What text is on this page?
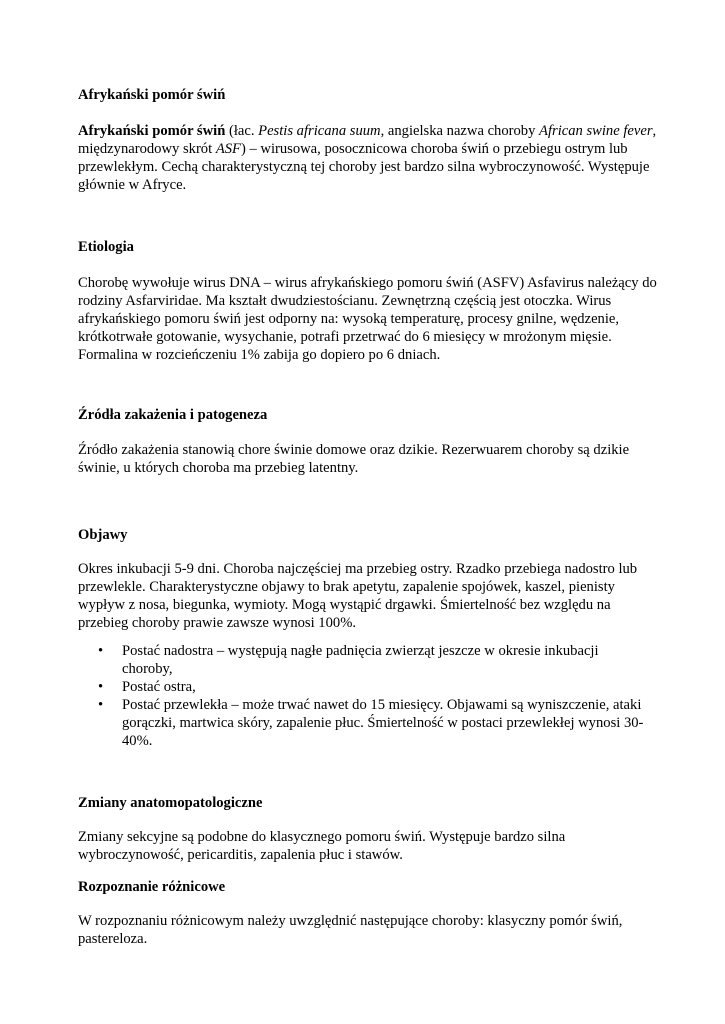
Afrykański pomór świń

Afrykański pomór świń (łac. Pestis africana suum, angielska nazwa choroby African swine fever, międzynarodowy skrót ASF) – wirusowa, posocznicowa choroba świń o przebiegu ostrym lub przewlekłym. Cechą charakterystyczną tej choroby jest bardzo silna wybroczynowość. Występuje głównie w Afryce.

Etiologia

Chorobę wywołuje wirus DNA – wirus afrykańskiego pomoru świń (ASFV) Asfavirus należący do rodziny Asfarviridae. Ma kształt dwudziestościanu. Zewnętrzną częścią jest otoczka. Wirus afrykańskiego pomoru świń jest odporny na: wysoką temperaturę, procesy gnilne, wędzenie, krótkotrwałe gotowanie, wysychanie, potrafi przetrwać do 6 miesięcy w mrożonym mięsie. Formalina w rozcieńczeniu 1% zabija go dopiero po 6 dniach.

Źródła zakażenia i patogeneza

Źródło zakażenia stanowią chore świnie domowe oraz dzikie. Rezerwuarem choroby są dzikie świnie, u których choroba ma przebieg latentny.

Objawy

Okres inkubacji 5-9 dni. Choroba najczęściej ma przebieg ostry. Rzadko przebiega nadostro lub przewlekle. Charakterystyczne objawy to brak apetytu, zapalenie spojówek, kaszel, pienisty wypływ z nosa, biegunka, wymioty. Mogą wystąpić drgawki. Śmiertelność bez względu na przebieg choroby prawie zawsze wynosi 100%.

• Postać nadostra – występują nagłe padnięcia zwierząt jeszcze w okresie inkubacji choroby,
• Postać ostra,
• Postać przewlekła – może trwać nawet do 15 miesięcy. Objawami są wyniszczenie, ataki gorączki, martwica skóry, zapalenie płuc. Śmiertelność w postaci przewlekłej wynosi 30-40%.
Zmiany anatomopatologiczne

Zmiany sekcyjne są podobne do klasycznego pomoru świń. Występuje bardzo silna wybroczynowość, pericarditis, zapalenia płuc i stawów.

Rozpoznanie różnicowe

W rozpoznaniu różnicowym należy uwzględnić następujące choroby: klasyczny pomór świń, pastereloza.
